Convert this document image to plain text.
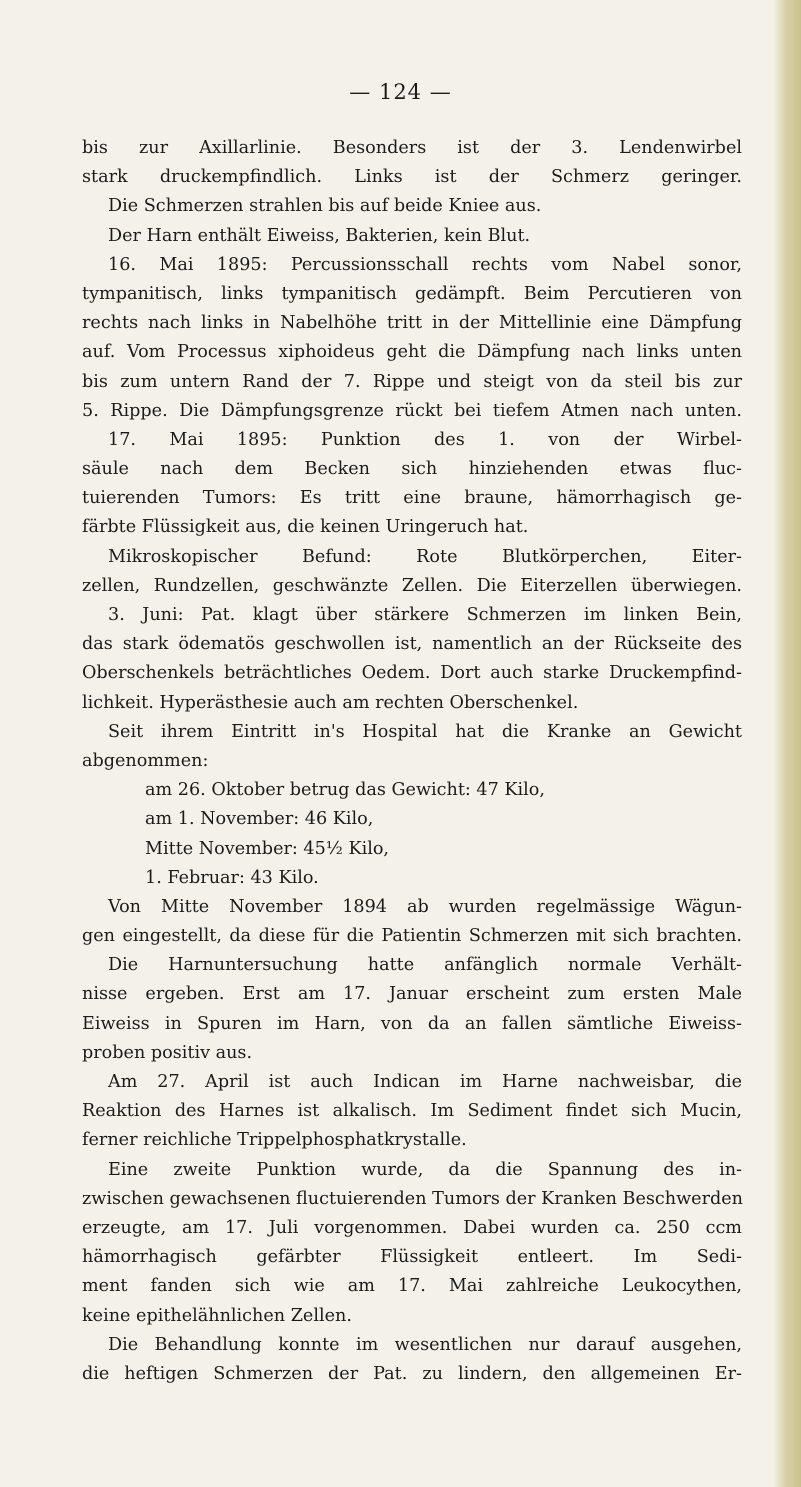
— 124 —
bis zur Axillarlinie. Besonders ist der 3. Lendenwirbel
stark druckempfindlich. Links ist der Schmerz geringer.
Die Schmerzen strahlen bis auf beide Kniee aus.
Der Harn enthält Eiweiss, Bakterien, kein Blut.
16. Mai 1895: Percussionsschall rechts vom Nabel sonor,
tympanitisch, links tympanitisch gedämpft. Beim Percutieren von
rechts nach links in Nabelhöhe tritt in der Mittellinie eine Dämpfung
auf. Vom Processus xiphoideus geht die Dämpfung nach links unten
bis zum untern Rand der 7. Rippe und steigt von da steil bis zur
5. Rippe. Die Dämpfungsgrenze rückt bei tiefem Atmen nach unten.
17. Mai 1895: Punktion des 1. von der Wirbel-
säule nach dem Becken sich hinziehenden etwas fluc-
tuierenden Tumors: Es tritt eine braune, hämorrhagisch ge-
färbte Flüssigkeit aus, die keinen Uringeruch hat.
Mikroskopischer Befund: Rote Blutkörperchen, Eiter-
zellen, Rundzellen, geschwänzte Zellen. Die Eiterzellen überwiegen.
3. Juni: Pat. klagt über stärkere Schmerzen im linken Bein,
das stark ödematös geschwollen ist, namentlich an der Rückseite des
Oberschenkels beträchtliches Oedem. Dort auch starke Druckempfind-
lichkeit. Hyperästhesie auch am rechten Oberschenkel.
Seit ihrem Eintritt in's Hospital hat die Kranke an Gewicht
abgenommen:
am 26. Oktober betrug das Gewicht: 47 Kilo,
am 1. November: 46 Kilo,
Mitte November: 45½ Kilo,
1. Februar: 43 Kilo.
Von Mitte November 1894 ab wurden regelmässige Wägun-
gen eingestellt, da diese für die Patientin Schmerzen mit sich brachten.
Die Harnuntersuchung hatte anfänglich normale Verhält-
nisse ergeben. Erst am 17. Januar erscheint zum ersten Male
Eiweiss in Spuren im Harn, von da an fallen sämtliche Eiweiss-
proben positiv aus.
Am 27. April ist auch Indican im Harne nachweisbar, die
Reaktion des Harnes ist alkalisch. Im Sediment findet sich Mucin,
ferner reichliche Trippelphosphatkrystalle.
Eine zweite Punktion wurde, da die Spannung des in-
zwischen gewachsenen fluctuierenden Tumors der Kranken Beschwerden
erzeugte, am 17. Juli vorgenommen. Dabei wurden ca. 250 ccm
hämorrhagisch gefärbter Flüssigkeit entleert. Im Sedi-
ment fanden sich wie am 17. Mai zahlreiche Leukocythen,
keine epithelähnlichen Zellen.
Die Behandlung konnte im wesentlichen nur darauf ausgehen,
die heftigen Schmerzen der Pat. zu lindern, den allgemeinen Er-
